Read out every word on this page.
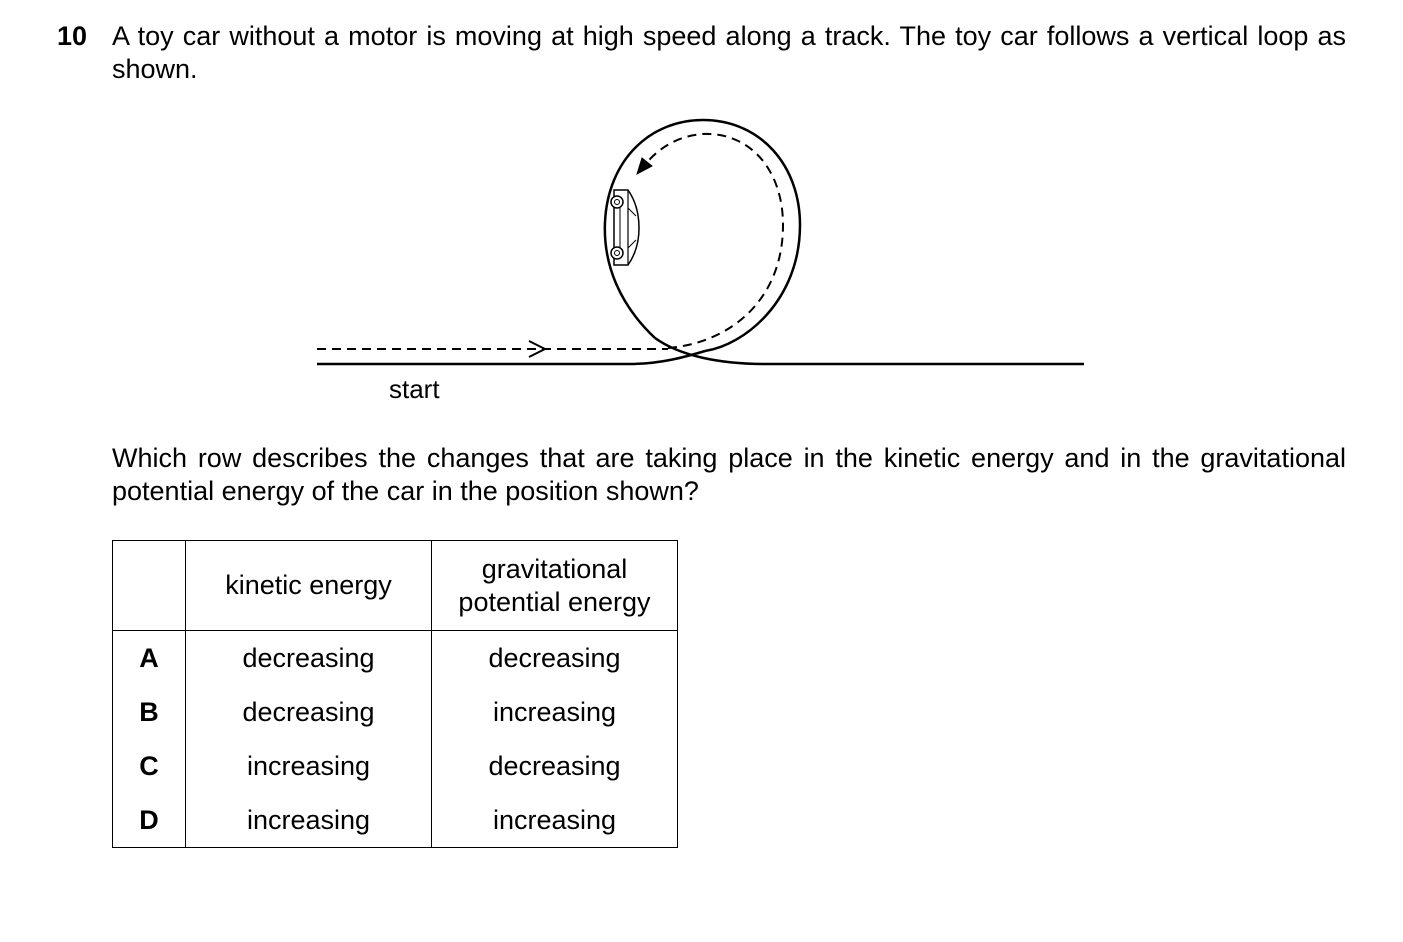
10 A toy car without a motor is moving at high speed along a track. The toy car follows a vertical loop as shown.
start
Which row describes the changes that are taking place in the kinetic energy and in the gravitational potential energy of the car in the position shown?
	kinetic energy	gravitational
potential energy
A	decreasing	decreasing
B	decreasing	increasing
C	increasing	decreasing
D	increasing	increasing
